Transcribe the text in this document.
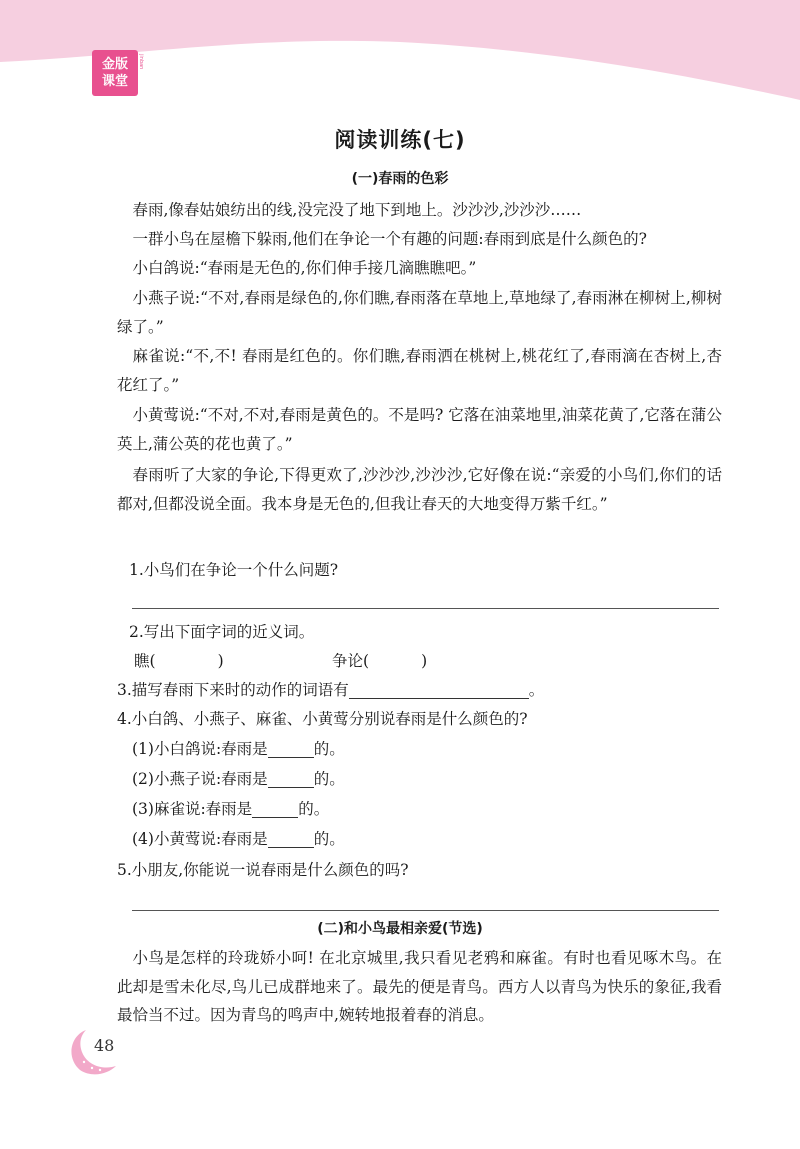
金版
课堂
jinban
阅读训练(七)
(一)春雨的色彩

春雨,像春姑娘纺出的线,没完没了地下到地上。沙沙沙,沙沙沙……

一群小鸟在屋檐下躲雨,他们在争论一个有趣的问题:春雨到底是什么颜色的?

小白鸽说:“春雨是无色的,你们伸手接几滴瞧瞧吧。”

小燕子说:“不对,春雨是绿色的,你们瞧,春雨落在草地上,草地绿了,春雨淋在柳树上,柳树绿了。”

麻雀说:“不,不! 春雨是红色的。你们瞧,春雨洒在桃树上,桃花红了,春雨滴在杏树上,杏花红了。”

小黄莺说:“不对,不对,春雨是黄色的。不是吗? 它落在油菜地里,油菜花黄了,它落在蒲公英上,蒲公英的花也黄了。”

春雨听了大家的争论,下得更欢了,沙沙沙,沙沙沙,它好像在说:“亲爱的小鸟们,你们的话都对,但都没说全面。我本身是无色的,但我让春天的大地变得万紫千红。”

1.小鸟们在争论一个什么问题?
2.写出下面字词的近义词。
瞧(	)	争论(	)
3.描写春雨下来时的动作的词语有	。
4.小白鸽、小燕子、麻雀、小黄莺分别说春雨是什么颜色的?
(1)小白鸽说:春雨是	的。
(2)小燕子说:春雨是	的。
(3)麻雀说:春雨是	的。
(4)小黄莺说:春雨是	的。
5.小朋友,你能说一说春雨是什么颜色的吗?
(二)和小鸟最相亲爱(节选)

小鸟是怎样的玲珑娇小呵! 在北京城里,我只看见老鸦和麻雀。有时也看见啄木鸟。在此却是雪未化尽,鸟儿已成群地来了。最先的便是青鸟。西方人以青鸟为快乐的象征,我看最恰当不过。因为青鸟的鸣声中,婉转地报着春的消息。

48
